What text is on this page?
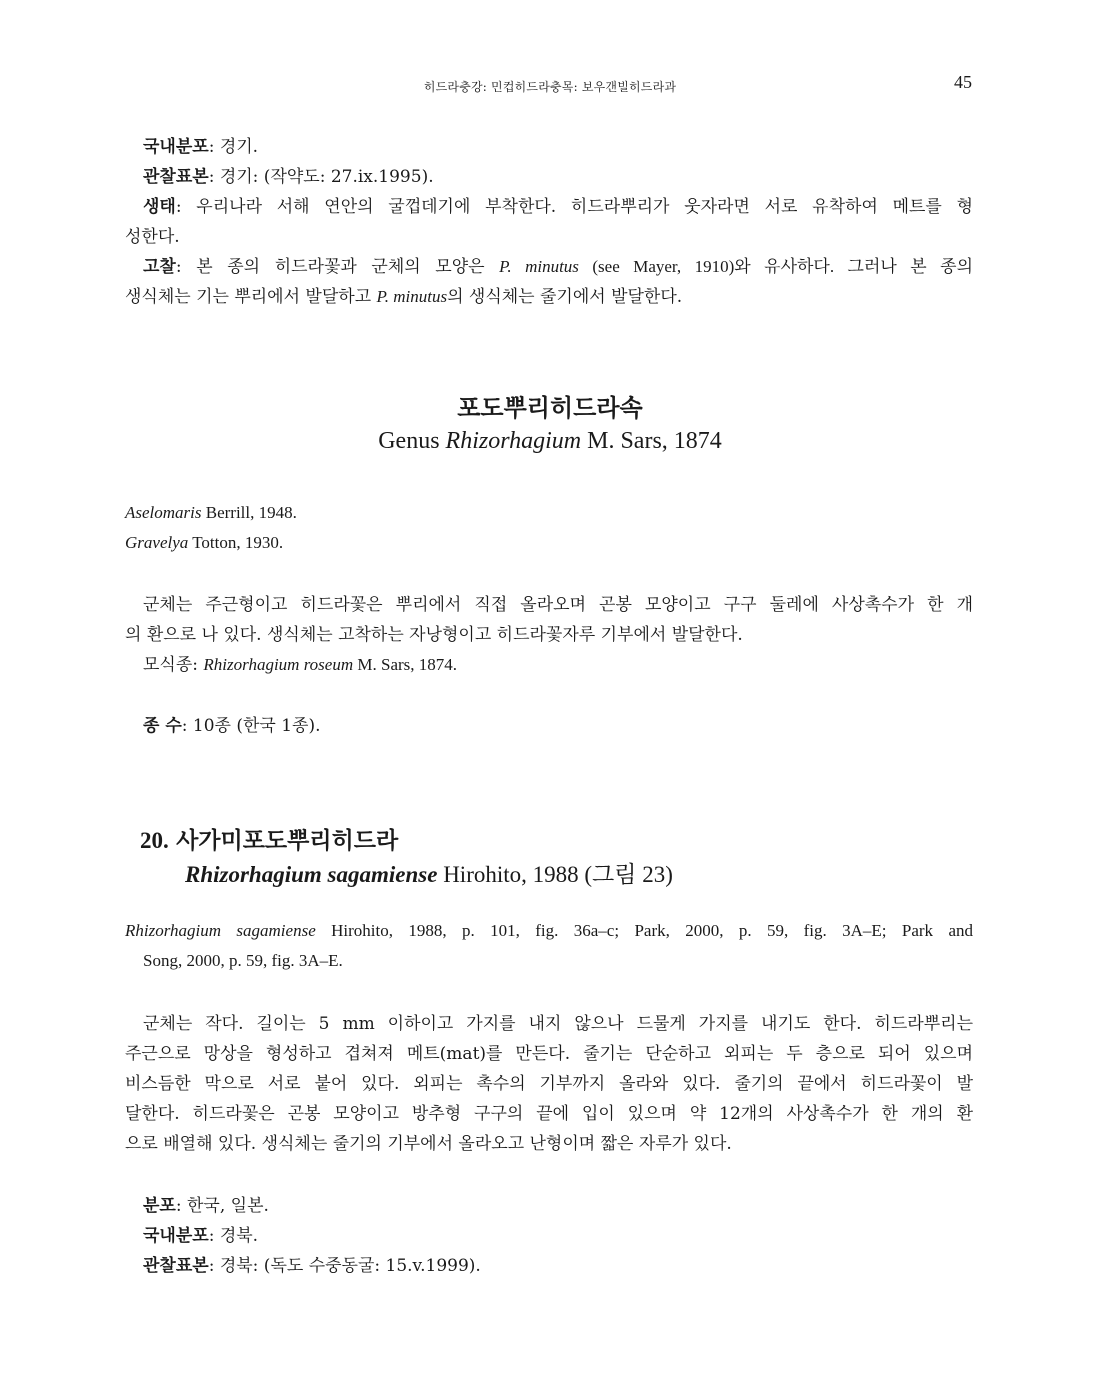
히드라충강: 민컵히드라충목: 보우갠빌히드라과	45
국내분포: 경기.
관찰표본: 경기: (작약도: 27.ix.1995).
생태: 우리나라 서해 연안의 굴껍데기에 부착한다. 히드라뿌리가 웃자라면 서로 유착하여 메트를 형
성한다.
고찰: 본 종의 히드라꽃과 군체의 모양은 P. minutus (see Mayer, 1910)와 유사하다. 그러나 본 종의
생식체는 기는 뿌리에서 발달하고 P. minutus의 생식체는 줄기에서 발달한다.
포도뿌리히드라속
Genus Rhizorhagium M. Sars, 1874
Aselomaris Berrill, 1948.
Gravelya Totton, 1930.
군체는 주근형이고 히드라꽃은 뿌리에서 직접 올라오며 곤봉 모양이고 구구 둘레에 사상촉수가 한 개
의 환으로 나 있다. 생식체는 고착하는 자낭형이고 히드라꽃자루 기부에서 발달한다.
모식종: Rhizorhagium roseum M. Sars, 1874.
종 수: 10종 (한국 1종).
20. 사가미포도뿌리히드라
Rhizorhagium sagamiense Hirohito, 1988 (그림 23)
Rhizorhagium sagamiense Hirohito, 1988, p. 101, fig. 36a–c; Park, 2000, p. 59, fig. 3A–E; Park and
Song, 2000, p. 59, fig. 3A–E.
군체는 작다. 길이는 5 mm 이하이고 가지를 내지 않으나 드물게 가지를 내기도 한다. 히드라뿌리는
주근으로 망상을 형성하고 겹쳐져 메트(mat)를 만든다. 줄기는 단순하고 외피는 두 층으로 되어 있으며
비스듬한 막으로 서로 붙어 있다. 외피는 촉수의 기부까지 올라와 있다. 줄기의 끝에서 히드라꽃이 발
달한다. 히드라꽃은 곤봉 모양이고 방추형 구구의 끝에 입이 있으며 약 12개의 사상촉수가 한 개의 환
으로 배열해 있다. 생식체는 줄기의 기부에서 올라오고 난형이며 짧은 자루가 있다.
분포: 한국, 일본.
국내분포: 경북.
관찰표본: 경북: (독도 수중동굴: 15.v.1999).
